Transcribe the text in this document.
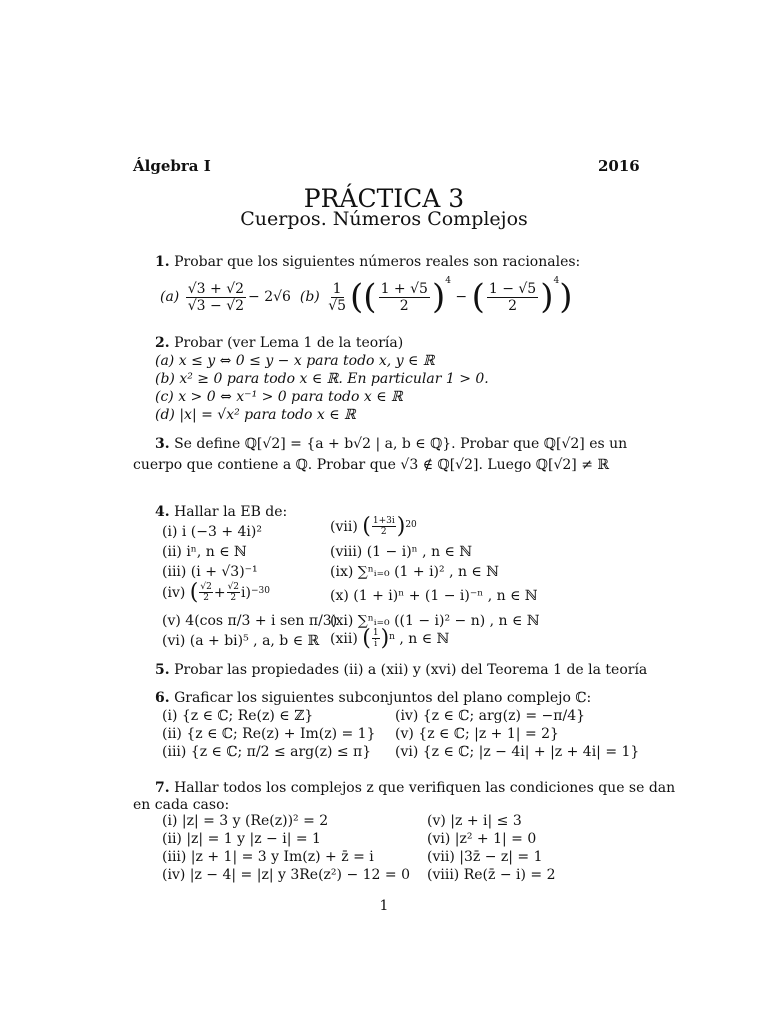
Álgebra I	2016
PRÁCTICA 3
Cuerpos. Números Complejos
1. Probar que los siguientes números reales son racionales:
(a)
$\frac{√3 + √2}{√3 - √2} - 2√6$
(b)
$\frac{1}{√5}$ ( ( $\frac{1 + √5}{2} )^4$

−
( $\frac{1 - √5}{2} )^4$ )
2. Probar (ver Lema 1 de la teoría)
(a) x ≤ y ⇔ 0 ≤ y − x para todo x, y ∈ ℝ
(b) x² ≥ 0 para todo x ∈ ℝ. En particular 1 > 0.
(c) x > 0 ⇔ x⁻¹ > 0 para todo x ∈ ℝ
(d) |x| = √x² para todo x ∈ ℝ
3. Se define ℚ[√2] = {a + b√2 | a, b ∈ ℚ}. Probar que ℚ[√2] es un
cuerpo que contiene a ℚ. Probar que √3 ∉ ℚ[√2]. Luego ℚ[√2] ≠ ℝ
4. Hallar la EB de:
(i) i (−3 + 4i)²
(ii) iⁿ, n ∈ ℕ
(iii) (i + √3)⁻¹
(iv)
( $\frac{√2}{2} + \frac{√2}{2} i) -30$
(v) 4(cos π/3 + i sen π/3)
(vi) (a + bi)⁵ , a, b ∈ ℝ
(vii)
( $\frac{1+3i}{2}$ ) 20
(viii) (1 − i)ⁿ , n ∈ ℕ
(ix) ∑ⁿᵢ₌₀ (1 + i)² , n ∈ ℕ
(x) (1 + i)ⁿ + (1 − i)⁻ⁿ , n ∈ ℕ
(xi) ∑ⁿᵢ₌₀ ((1 − i)² − n) , n ∈ ℕ
(xii)
( $\frac{1}{i}$ ) n
, n ∈ ℕ
5. Probar las propiedades (ii) a (xii) y (xvi) del Teorema 1 de la teoría
6. Graficar los siguientes subconjuntos del plano complejo ℂ:
(i) {z ∈ ℂ; Re(z) ∈ ℤ}
(ii) {z ∈ ℂ; Re(z) + Im(z) = 1}
(iii) {z ∈ ℂ; π/2 ≤ arg(z) ≤ π}
(iv) {z ∈ ℂ; arg(z) = −π/4}
(v) {z ∈ ℂ; |z + 1| = 2}
(vi) {z ∈ ℂ; |z − 4i| + |z + 4i| = 1}
7. Hallar todos los complejos z que verifiquen las condiciones que se dan
en cada caso:
(i) |z| = 3 y (Re(z))² = 2
(ii) |z| = 1 y |z − i| = 1
(iii) |z + 1| = 3 y Im(z) + z̄ = i
(iv) |z − 4| = |z| y 3Re(z²) − 12 = 0
(v) |z + i| ≤ 3
(vi) |z² + 1| = 0
(vii) |3z̄ − z| = 1
(viii) Re(z̄ − i) = 2
1
